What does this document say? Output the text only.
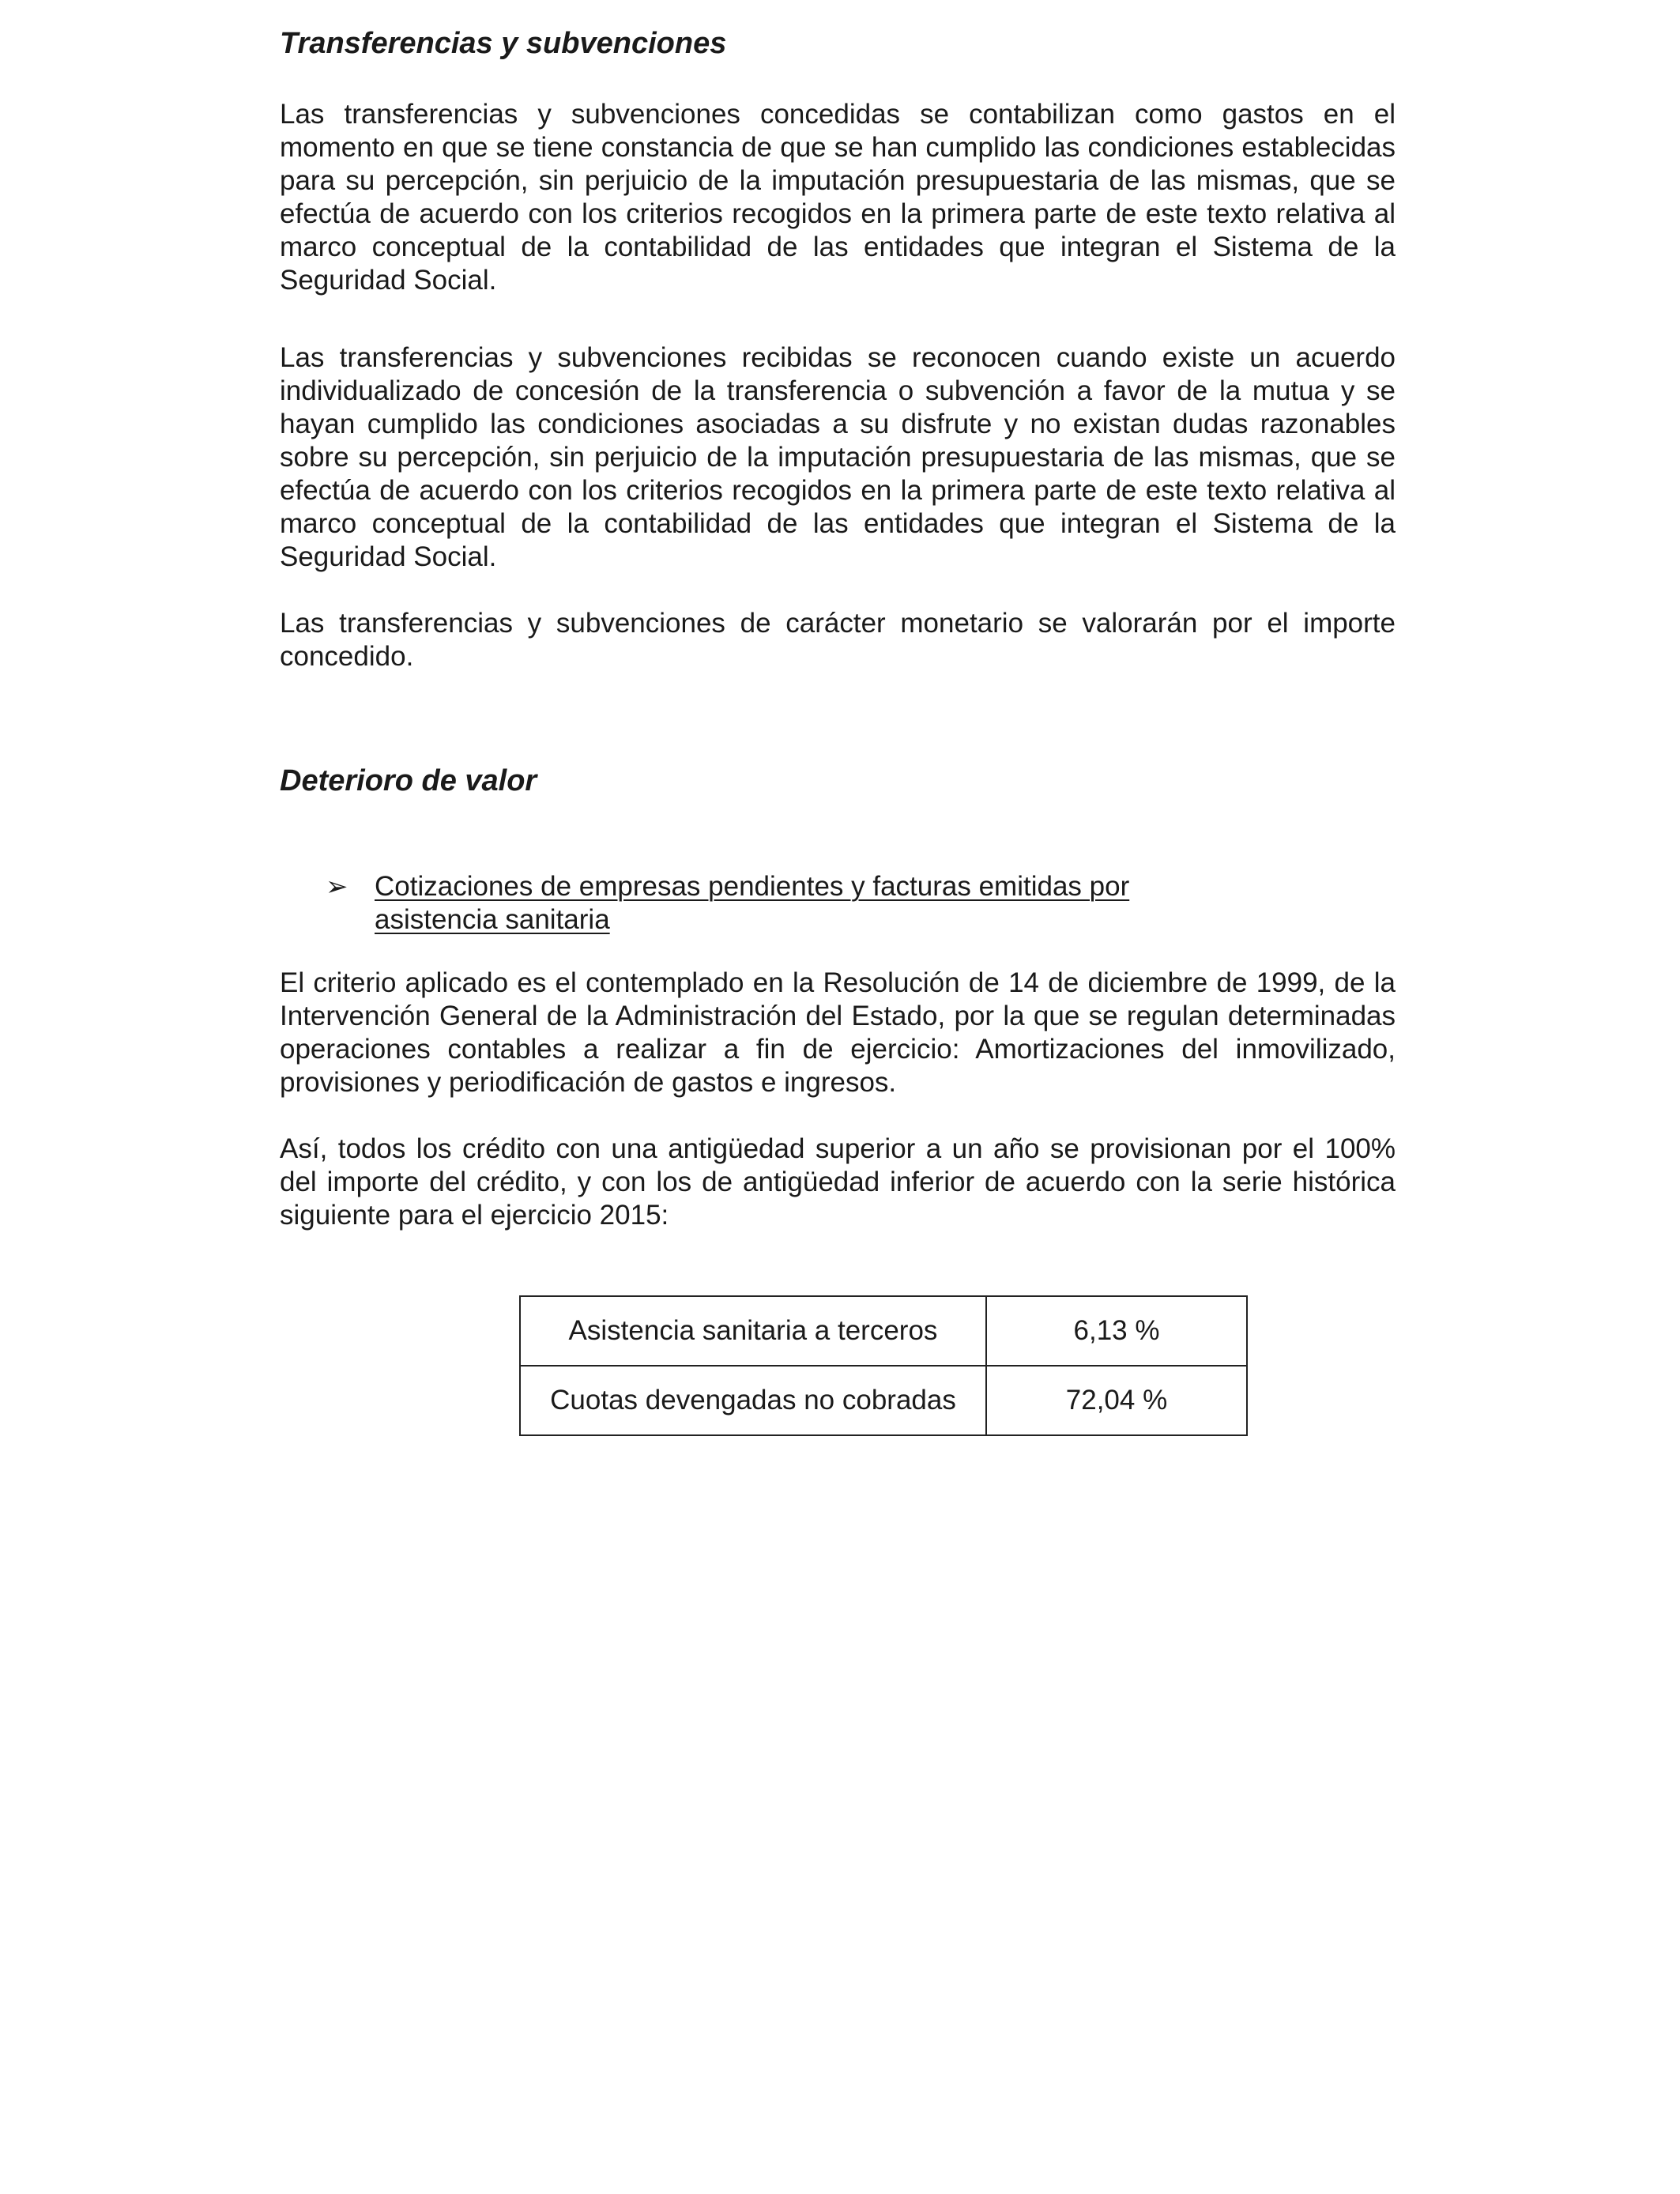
Transferencias y subvenciones

Las transferencias y subvenciones concedidas se contabilizan como gastos en el momento en que se tiene constancia de que se han cumplido las condiciones establecidas para su percepción, sin perjuicio de la imputación presupuestaria de las mismas, que se efectúa de acuerdo con los criterios recogidos en la primera parte de este texto relativa al marco conceptual de la contabilidad de las entidades que integran el Sistema de la Seguridad Social.

Las transferencias y subvenciones recibidas se reconocen cuando existe un acuerdo individualizado de concesión de la transferencia o subvención a favor de la mutua y se hayan cumplido las condiciones asociadas a su disfrute y no existan dudas razonables sobre su percepción, sin perjuicio de la imputación presupuestaria de las mismas, que se efectúa de acuerdo con los criterios recogidos en la primera parte de este texto relativa al marco conceptual de la contabilidad de las entidades que integran el Sistema de la Seguridad Social.

Las transferencias y subvenciones de carácter monetario se valorarán por el importe concedido.

Deterioro de valor
➢ Cotizaciones de empresas pendientes y facturas emitidas por asistencia sanitaria

El criterio aplicado es el contemplado en la Resolución de 14 de diciembre de 1999, de la Intervención General de la Administración del Estado, por la que se regulan determinadas operaciones contables a realizar a fin de ejercicio: Amortizaciones del inmovilizado, provisiones y periodificación de gastos e ingresos.

Así, todos los crédito con una antigüedad superior a un año se provisionan por el 100% del importe del crédito, y con los de antigüedad inferior de acuerdo con la serie histórica siguiente para el ejercicio 2015:

Asistencia sanitaria a terceros	6,13 %
Cuotas devengadas no cobradas	72,04 %
